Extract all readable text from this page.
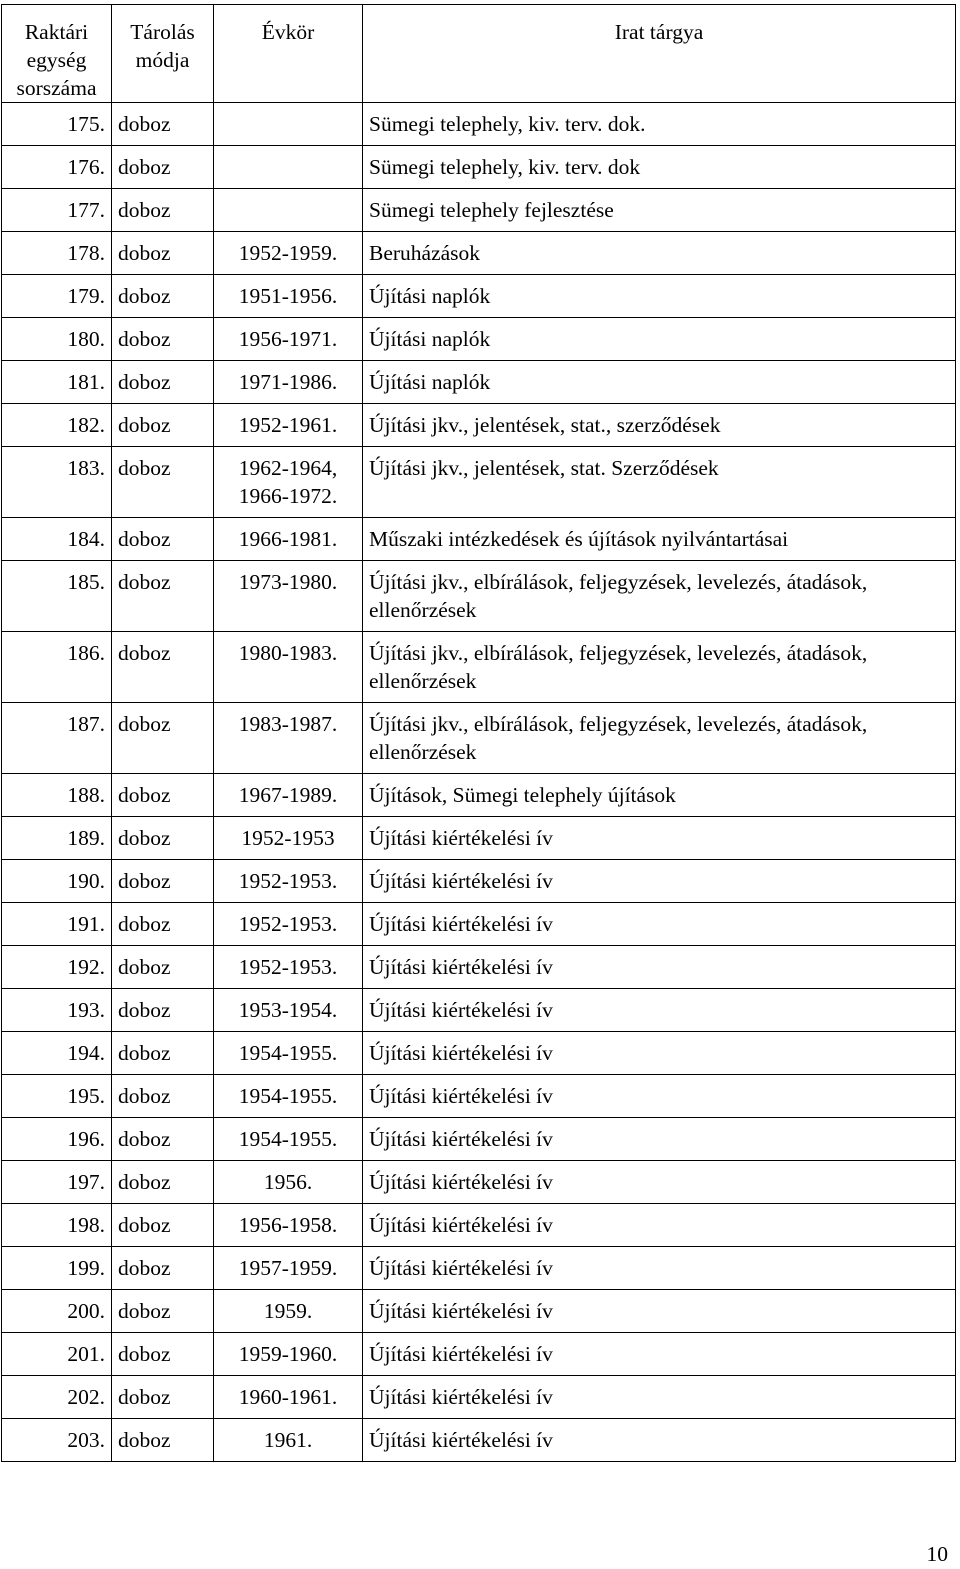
Raktári
egység
sorszáma	Tárolás
módja	Évkör	Irat tárgya
175.	doboz		Sümegi telephely, kiv. terv. dok.
176.	doboz		Sümegi telephely, kiv. terv. dok
177.	doboz		Sümegi telephely fejlesztése
178.	doboz	1952-1959.	Beruházások
179.	doboz	1951-1956.	Újítási naplók
180.	doboz	1956-1971.	Újítási naplók
181.	doboz	1971-1986.	Újítási naplók
182.	doboz	1952-1961.	Újítási jkv., jelentések, stat., szerződések
183.	doboz	1962-1964,
1966-1972.	Újítási jkv., jelentések, stat. Szerződések
184.	doboz	1966-1981.	Műszaki intézkedések és újítások nyilvántartásai
185.	doboz	1973-1980.	Újítási jkv., elbírálások, feljegyzések, levelezés, átadások, ellenőrzések
186.	doboz	1980-1983.	Újítási jkv., elbírálások, feljegyzések, levelezés, átadások, ellenőrzések
187.	doboz	1983-1987.	Újítási jkv., elbírálások, feljegyzések, levelezés, átadások, ellenőrzések
188.	doboz	1967-1989.	Újítások, Sümegi telephely újítások
189.	doboz	1952-1953	Újítási kiértékelési ív
190.	doboz	1952-1953.	Újítási kiértékelési ív
191.	doboz	1952-1953.	Újítási kiértékelési ív
192.	doboz	1952-1953.	Újítási kiértékelési ív
193.	doboz	1953-1954.	Újítási kiértékelési ív
194.	doboz	1954-1955.	Újítási kiértékelési ív
195.	doboz	1954-1955.	Újítási kiértékelési ív
196.	doboz	1954-1955.	Újítási kiértékelési ív
197.	doboz	1956.	Újítási kiértékelési ív
198.	doboz	1956-1958.	Újítási kiértékelési ív
199.	doboz	1957-1959.	Újítási kiértékelési ív
200.	doboz	1959.	Újítási kiértékelési ív
201.	doboz	1959-1960.	Újítási kiértékelési ív
202.	doboz	1960-1961.	Újítási kiértékelési ív
203.	doboz	1961.	Újítási kiértékelési ív
10
